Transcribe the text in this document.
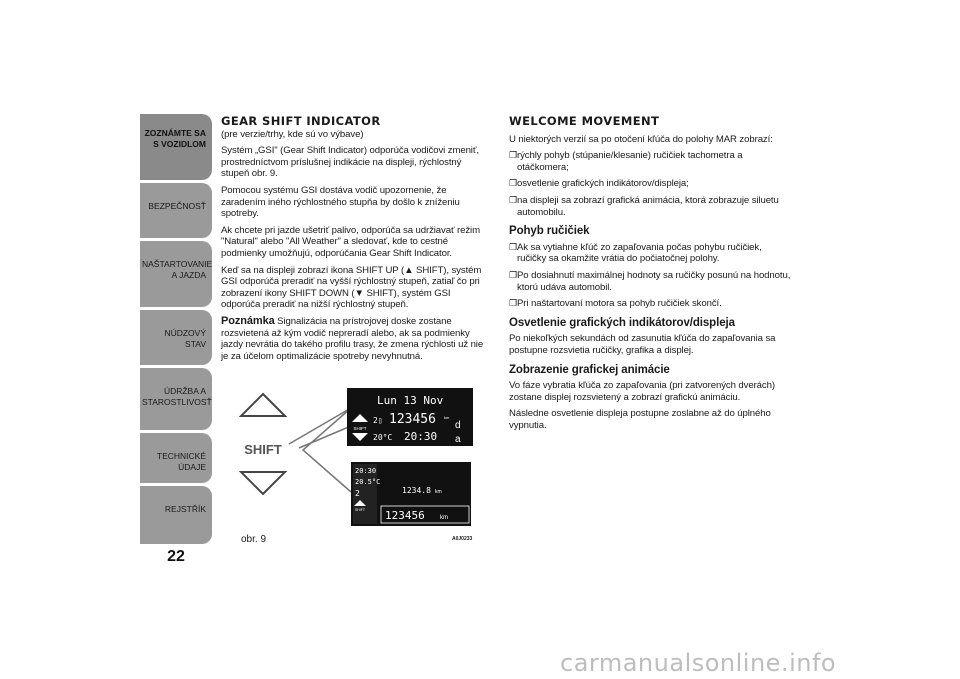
ZOZNÁMTE SA S VOZIDLOM
BEZPEČNOSŤ
NAŠTARTOVANIE A JAZDA
NÚDZOVÝ STAV
ÚDRŽBA A STAROSTLIVOSŤ
TECHNICKÉ ÚDAJE
REJSTŘÍK
22
GEAR SHIFT INDICATOR

(pre verzie/trhy, kde sú vo výbave)

Systém „GSI" (Gear Shift Indicator) odporúča vodičovi zmeniť, prostredníctvom príslušnej indikácie na displeji, rýchlostný stupeň obr. 9.

Pomocou systému GSI dostáva vodič upozornenie, že zaradením iného rýchlostného stupňa by došlo k zníženiu spotreby.

Ak chcete pri jazde ušetriť palivo, odporúča sa udržiavať režim "Natural" alebo "All Weather" a sledovať, kde to cestné podmienky umožňujú, odporúčania Gear Shift Indicator.

Keď sa na displeji zobrazí ikona SHIFT UP (▲ SHIFT), systém GSI odporúča preradiť na vyšší rýchlostný stupeň, zatiaľ čo pri zobrazení ikony SHIFT DOWN (▼ SHIFT), systém GSI odporúča preradiť na nižší rýchlostný stupeň.

Poznámka Signalizácia na prístrojovej doske zostane rozsvietená až kým vodič nepreradí alebo, ak sa podmienky jazdy nevrátia do takého profilu trasy, že zmena rýchlosti už nie je za účelom optimalizácie spotreby nevyhnutná.

SHIFT
Lun 13 Nov
SHIFT
2▯ 123456 km
20°C 20:30
d
a
20:30
20.5°C
2
SHIFT
1234.8 km
123456	km
obr. 9	A0J0233
WELCOME MOVEMENT

U niektorých verzií sa po otočení kľúča do polohy MAR zobrazí:

❐ rýchly pohyb (stúpanie/klesanie) ručičiek tachometra a otáčkomera;
❐ osvetlenie grafických indikátorov/displeja;
❐ na displeji sa zobrazí grafická animácia, ktorá zobrazuje siluetu automobilu.
Pohyb ručičiek
❐ Ak sa vytiahne kľúč zo zapaľovania počas pohybu ručičiek, ručičky sa okamžite vrátia do počiatočnej polohy.
❐ Po dosiahnutí maximálnej hodnoty sa ručičky posunú na hodnotu, ktorú udáva automobil.
❐ Pri naštartovaní motora sa pohyb ručičiek skončí.
Osvetlenie grafických indikátorov/displeja

Po niekoľkých sekundách od zasunutia kľúča do zapaľovania sa postupne rozsvietia ručičky, grafika a displej.

Zobrazenie grafickej animácie

Vo fáze vybratia kľúča zo zapaľovania (pri zatvorených dverách) zostane displej rozsvietený a zobrazí grafickú animáciu.

Následne osvetlenie displeja postupne zoslabne až do úplného vypnutia.

carmanualsonline.info
